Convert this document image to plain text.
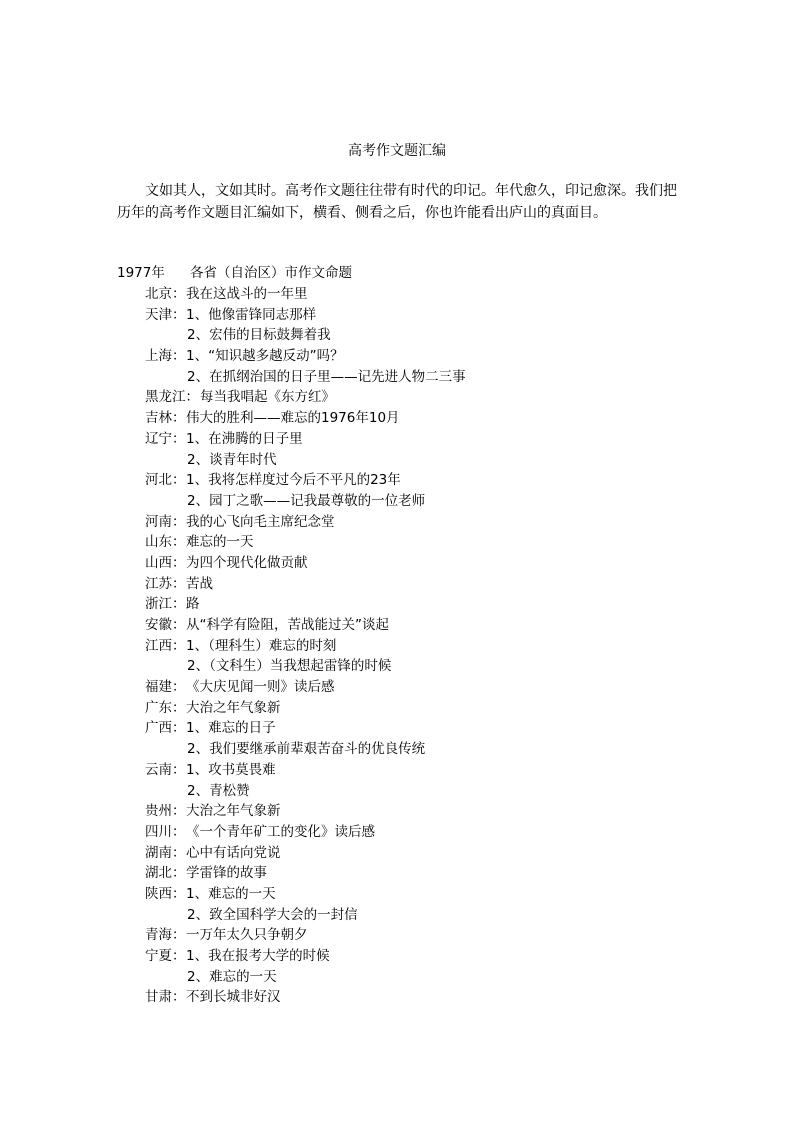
高考作文题汇编

文如其人，文如其时。高考作文题往往带有时代的印记。年代愈久，印记愈深。我们把历年的高考作文题目汇编如下，横看、侧看之后，你也许能看出庐山的真面目。

1977年 各省（自治区）市作文命题
北京： 我在这战斗的一年里
天津： 1、他像雷锋同志那样
2、宏伟的目标鼓舞着我
上海： 1、“知识越多越反动”吗？
2、在抓纲治国的日子里——记先进人物二三事
黑龙江： 每当我唱起《东方红》
吉林： 伟大的胜利——难忘的1976年10月
辽宁： 1、在沸腾的日子里
2、谈青年时代
河北： 1、我将怎样度过今后不平凡的23年
2、园丁之歌——记我最尊敬的一位老师
河南： 我的心飞向毛主席纪念堂
山东： 难忘的一天
山西： 为四个现代化做贡献
江苏： 苦战
浙江： 路
安徽： 从“科学有险阻，苦战能过关”谈起
江西： 1、（理科生）难忘的时刻
2、（文科生）当我想起雷锋的时候
福建： 《大庆见闻一则》读后感
广东： 大治之年气象新
广西： 1、难忘的日子
2、我们要继承前辈艰苦奋斗的优良传统
云南： 1、攻书莫畏难
2、青松赞
贵州： 大治之年气象新
四川： 《一个青年矿工的变化》读后感
湖南： 心中有话向党说
湖北： 学雷锋的故事
陕西： 1、难忘的一天
2、致全国科学大会的一封信
青海： 一万年太久只争朝夕
宁夏： 1、我在报考大学的时候
2、难忘的一天
甘肃： 不到长城非好汉
